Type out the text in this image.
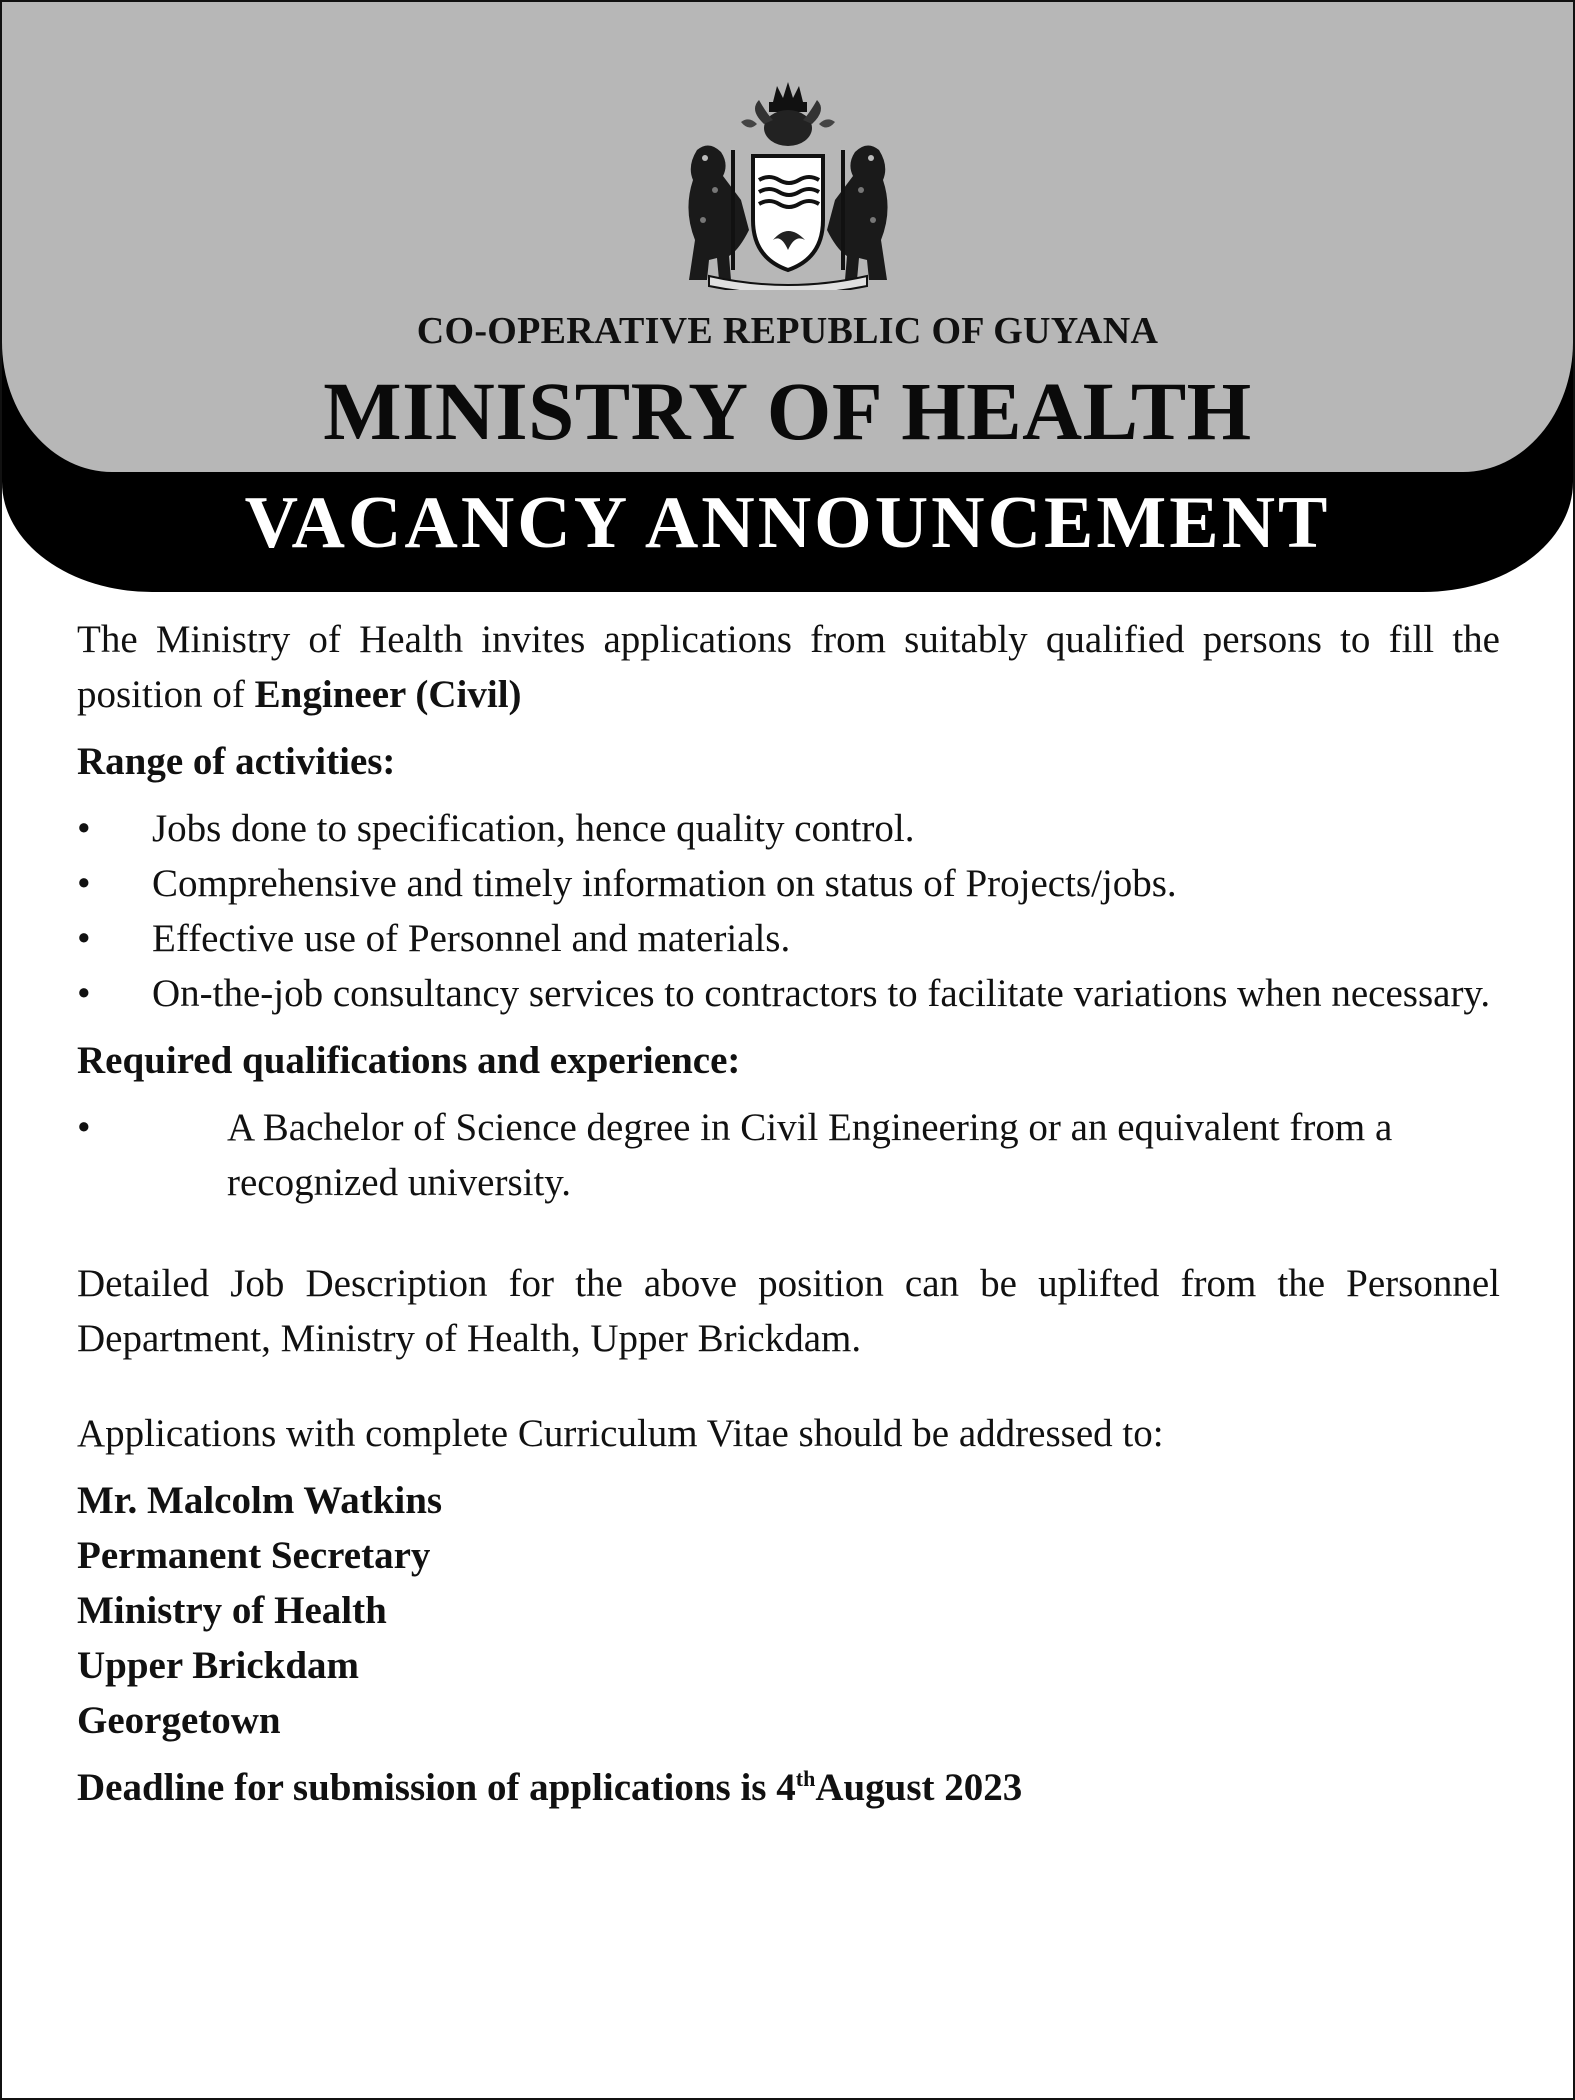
CO-OPERATIVE REPUBLIC OF GUYANA
MINISTRY OF HEALTH
VACANCY ANNOUNCEMENT

The Ministry of Health invites applications from suitably qualified persons to fill the position of Engineer (Civil)

Range of activities:
• Jobs done to specification, hence quality control.
• Comprehensive and timely information on status of Projects/jobs.
• Effective use of Personnel and materials.
• On-the-job consultancy services to contractors to facilitate variations when necessary.
Required qualifications and experience:
•	A Bachelor of Science degree in Civil Engineering or an equivalent from a recognized university.

Detailed Job Description for the above position can be uplifted from the Personnel Department, Ministry of Health, Upper Brickdam.

Applications with complete Curriculum Vitae should be addressed to:

Mr. Malcolm Watkins
Permanent Secretary
Ministry of Health
Upper Brickdam
Georgetown
Deadline for submission of applications is 4thAugust 2023
